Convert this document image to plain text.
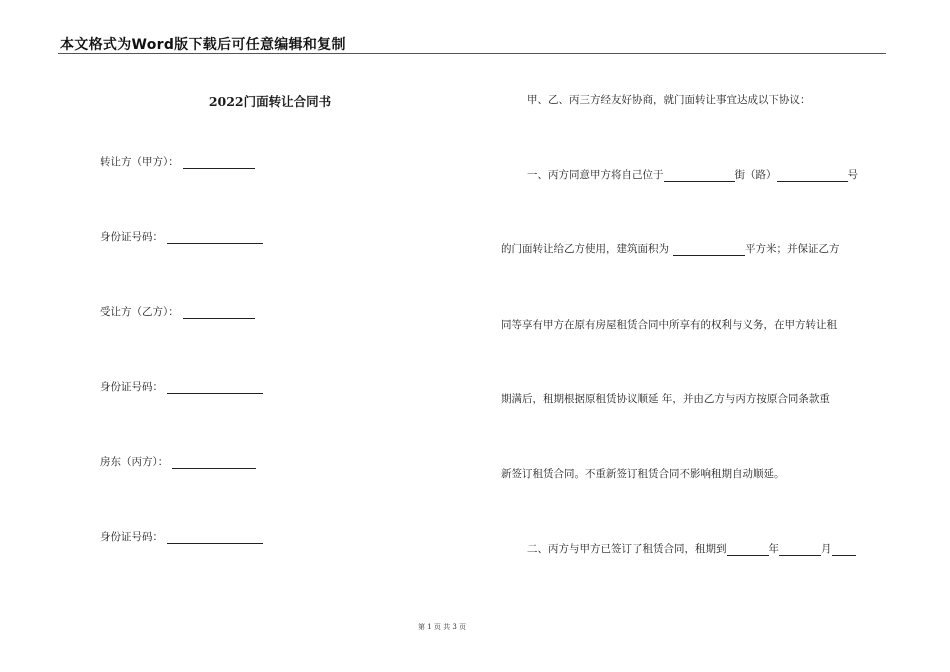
本文格式为Word版下载后可任意编辑和复制
2022门面转让合同书
转让方（甲方）：
身份证号码：
受让方（乙方）：
身份证号码：
房东（丙方）：
身份证号码：
甲、乙、丙三方经友好协商，就门面转让事宜达成以下协议：
一、丙方同意甲方将自己位于	街（路）	号
的门面转让给乙方使用，建筑面积为	平方米；并保证乙方
同等享有甲方在原有房屋租赁合同中所享有的权利与义务，在甲方转让租
期满后，租期根据原租赁协议顺延 年，并由乙方与丙方按原合同条款重
新签订租赁合同。不重新签订租赁合同不影响租期自动顺延。
二、丙方与甲方已签订了租赁合同，租期到	年	月
第 1 页 共 3 页
